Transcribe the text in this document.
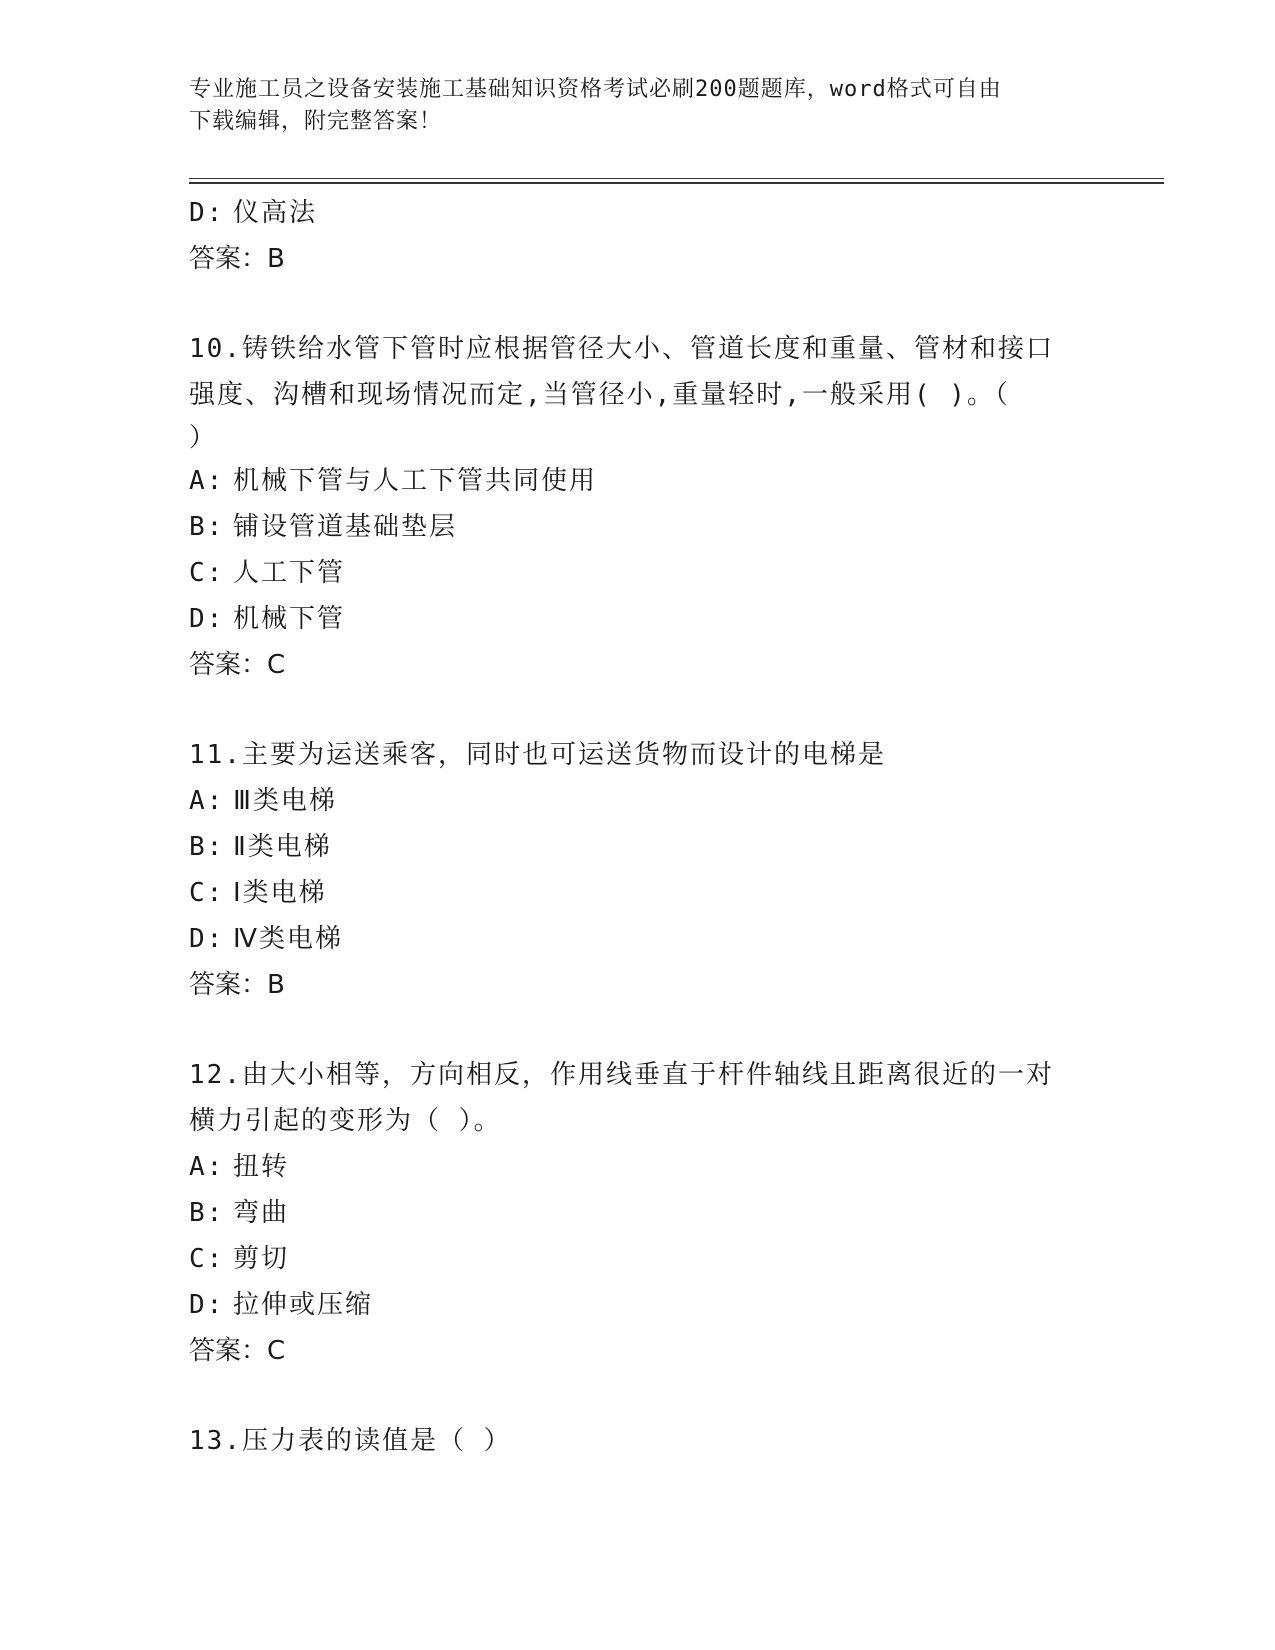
专业施工员之设备安装施工基础知识资格考试必刷200题题库，word格式可自由
下载编辑，附完整答案！
D: 仪高法
答案：B
10.铸铁给水管下管时应根据管径大小、管道长度和重量、管材和接口
强度、沟槽和现场情况而定,当管径小,重量轻时,一般采用( )。（
）
A: 机械下管与人工下管共同使用
B: 铺设管道基础垫层
C: 人工下管
D: 机械下管
答案：C
11.主要为运送乘客，同时也可运送货物而设计的电梯是
A: Ⅲ类电梯
B: Ⅱ类电梯
C: Ⅰ类电梯
D: Ⅳ类电梯
答案：B
12.由大小相等，方向相反，作用线垂直于杆件轴线且距离很近的一对
横力引起的变形为（ ）。
A: 扭转
B: 弯曲
C: 剪切
D: 拉伸或压缩
答案：C
13.压力表的读值是（ ）
